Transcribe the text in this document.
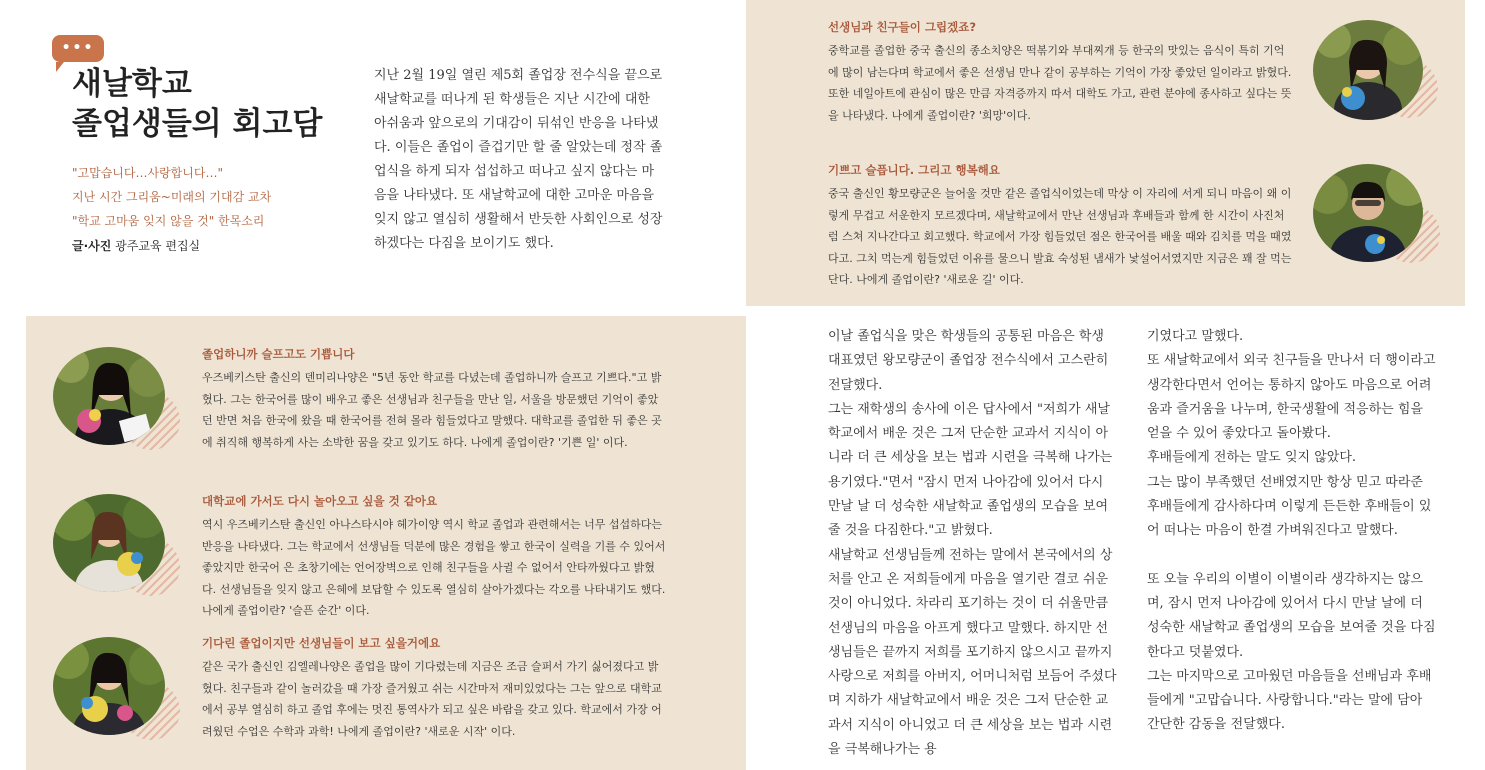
•••
새날학교
졸업생들의 회고담
"고맙습니다…사랑합니다…"
지난 시간 그리움~미래의 기대감 교차
"학교 고마움 잊지 않을 것" 한목소리
글·사진 광주교육 편집실
지난 2월 19일 열린 제5회 졸업장 전수식을 끝으로 새날학교를 떠나게 된 학생들은 지난 시간에 대한 아쉬움과 앞으로의 기대감이 뒤섞인 반응을 나타냈다. 이들은 졸업이 즐겁기만 할 줄 알았는데 정작 졸업식을 하게 되자 섭섭하고 떠나고 싶지 않다는 마음을 나타냈다. 또 새날학교에 대한 고마운 마음을 잊지 않고 열심히 생활해서 반듯한 사회인으로 성장하겠다는 다짐을 보이기도 했다.
선생님과 친구들이 그립겠죠?
중학교를 졸업한 중국 출신의 종소치양은 떡볶기와 부대찌개 등 한국의 맛있는 음식이 특히 기억에 많이 남는다며 학교에서 좋은 선생님 만나 같이 공부하는 기억이 가장 좋았던 일이라고 밝혔다.또한 네일아트에 관심이 많은 만큼 자격증까지 따서 대학도 가고, 관련 분야에 종사하고 싶다는 뜻을 나타냈다. 나에게 졸업이란? '희망'이다.
기쁘고 슬픕니다. 그리고 행복해요
중국 출신인 황모량군은 늘어울 것만 같은 졸업식이었는데 막상 이 자리에 서게 되니 마음이 왜 이렇게 무겁고 서운한지 모르겠다며, 새날학교에서 만난 선생님과 후배들과 함께 한 시간이 사진처럼 스쳐 지나간다고 회고했다. 학교에서 가장 힘들었던 점은 한국어를 배울 때와 김치를 먹을 때였다고. 그치 먹는게 힘들었던 이유를 물으니 발효 숙성된 냄새가 낯설어서였지만 지금은 꽤 잘 먹는단다. 나에게 졸업이란? '새로운 길' 이다.
졸업하니까 슬프고도 기쁩니다
우즈베키스탄 출신의 덴미리나양은 "5년 동안 학교를 다녔는데 졸업하니까 슬프고 기쁘다."고 밝혔다. 그는 한국어를 많이 배우고 좋은 선생님과 친구들을 만난 일, 서울을 방문했던 기억이 좋았던 반면 처음 한국에 왔을 때 한국어를 전혀 몰라 힘들었다고 말했다. 대학교를 졸업한 뒤 좋은 곳에 취직해 행복하게 사는 소박한 꿈을 갖고 있기도 하다. 나에게 졸업이란? '기쁜 일' 이다.
대학교에 가서도 다시 놀아오고 싶을 것 같아요
역시 우즈베키스탄 출신인 아나스타시야 헤가이양 역시 학교 졸업과 관련해서는 너무 섭섭하다는 반응을 나타냈다. 그는 학교에서 선생님들 덕분에 많은 경험을 쌓고 한국이 실력을 기를 수 있어서 좋았지만 한국어 은 초창기에는 언어장벽으로 인해 친구들을 사귈 수 없어서 안타까웠다고 밝혔다. 선생님들을 잊지 않고 은혜에 보답할 수 있도록 열심히 살아가겠다는 각오를 나타내기도 했다. 나에게 졸업이란? '슬픈 순간' 이다.
기다린 졸업이지만 선생님들이 보고 싶을거에요
같은 국가 출신인 김엘레나양은 졸업을 많이 기다렸는데 지금은 조금 슬퍼서 가기 싫어졌다고 밝혔다. 친구들과 같이 놀러갔을 때 가장 즐거웠고 쉬는 시간마저 재미있었다는 그는 앞으로 대학교에서 공부 열심히 하고 졸업 후에는 멋진 통역사가 되고 싶은 바람을 갖고 있다. 학교에서 가장 어려웠던 수업은 수학과 과학! 나에게 졸업이란? '새로운 시작' 이다.

이날 졸업식을 맞은 학생들의 공통된 마음은 학생 대표였던 왕모량군이 졸업장 전수식에서 고스란히 전달했다.

그는 재학생의 송사에 이은 답사에서 "저희가 새날학교에서 배운 것은 그저 단순한 교과서 지식이 아니라 더 큰 세상을 보는 법과 시련을 극복해 나가는 용기였다."면서 "잠시 먼저 나아감에 있어서 다시 만날 날 더 성숙한 새날학교 졸업생의 모습을 보여줄 것을 다짐한다."고 밝혔다.

새날학교 선생님들께 전하는 말에서 본국에서의 상처를 안고 온 저희들에게 마음을 열기란 결코 쉬운 것이 아니었다. 차라리 포기하는 것이 더 쉬울만큼 선생님의 마음을 아프게 했다고 말했다. 하지만 선생님들은 끝까지 저희를 포기하지 않으시고 끝까지 사랑으로 저희를 아버지, 어머니처럼 보듬어 주셨다며 지하가 새날학교에서 배운 것은 그저 단순한 교과서 지식이 아니었고 더 큰 세상을 보는 법과 시련을 극복해나가는 용

기였다고 말했다.

또 새날학교에서 외국 친구들을 만나서 더 행이라고 생각한다면서 언어는 통하지 않아도 마음으로 어려움과 즐거움을 나누며, 한국생활에 적응하는 힘을 얻을 수 있어 좋았다고 돌아봤다.

후배들에게 전하는 말도 잊지 않았다.

그는 많이 부족했던 선배였지만 항상 믿고 따라준 후배들에게 감사하다며 이렇게 든든한 후배들이 있어 떠나는 마음이 한결 가벼워진다고 말했다.

또 오늘 우리의 이별이 이별이라 생각하지는 않으며, 잠시 먼저 나아감에 있어서 다시 만날 날에 더 성숙한 새날학교 졸업생의 모습을 보여줄 것을 다짐한다고 덧붙였다.

그는 마지막으로 고마웠던 마음들을 선배님과 후배들에게 "고맙습니다. 사랑합니다."라는 말에 담아 간단한 감동을 전달했다.
